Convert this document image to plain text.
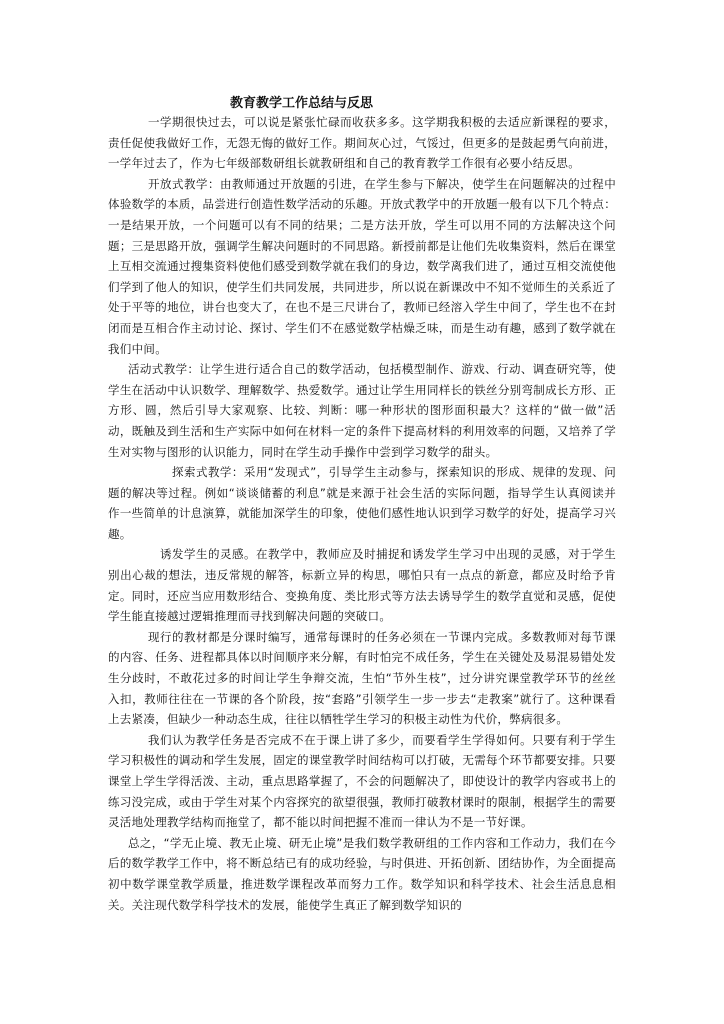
教育教学工作总结与反思

一学期很快过去，可以说是紧张忙碌而收获多多。这学期我积极的去适应新课程的要求，责任促使我做好工作，无怨无悔的做好工作。期间灰心过，气馁过，但更多的是鼓起勇气向前进，一学年过去了，作为七年级部数研组长就教研组和自己的教育教学工作很有必要小结反思。

开放式教学：由教师通过开放题的引进，在学生参与下解决，使学生在问题解决的过程中体验数学的本质，品尝进行创造性数学活动的乐趣。开放式教学中的开放题一般有以下几个特点：一是结果开放，一个问题可以有不同的结果；二是方法开放，学生可以用不同的方法解决这个问题；三是思路开放，强调学生解决问题时的不同思路。新授前都是让他们先收集资料，然后在课堂上互相交流通过搜集资料使他们感受到数学就在我们的身边，数学离我们进了，通过互相交流使他们学到了他人的知识，使学生们共同发展，共同进步，所以说在新课改中不知不觉师生的关系近了处于平等的地位，讲台也变大了，在也不是三尺讲台了，教师已经溶入学生中间了，学生也不在封闭而是互相合作主动讨论、探讨、学生们不在感觉数学枯燥乏味，而是生动有趣，感到了数学就在我们中间。

活动式教学：让学生进行适合自己的数学活动，包括模型制作、游戏、行动、调查研究等，使学生在活动中认识数学、理解数学、热爱数学。通过让学生用同样长的铁丝分别弯制成长方形、正方形、圆，然后引导大家观察、比较、判断：哪一种形状的图形面积最大？这样的“做一做”活动，既触及到生活和生产实际中如何在材料一定的条件下提高材料的利用效率的问题，又培养了学生对实物与图形的认识能力，同时在学生动手操作中尝到学习数学的甜头。

探索式教学：采用“发现式”，引导学生主动参与，探索知识的形成、规律的发现、问题的解决等过程。例如“谈谈储蓄的利息”就是来源于社会生活的实际问题，指导学生认真阅读并作一些简单的计息演算，就能加深学生的印象，使他们感性地认识到学习数学的好处，提高学习兴趣。

诱发学生的灵感。在教学中，教师应及时捕捉和诱发学生学习中出现的灵感，对于学生别出心裁的想法，违反常规的解答，标新立异的构思，哪怕只有一点点的新意，都应及时给予肯定。同时，还应当应用数形结合、变换角度、类比形式等方法去诱导学生的数学直觉和灵感，促使学生能直接越过逻辑推理而寻找到解决问题的突破口。

现行的教材都是分课时编写，通常每课时的任务必须在一节课内完成。多数教师对每节课的内容、任务、进程都具体以时间顺序来分解，有时怕完不成任务，学生在关键处及易混易错处发生分歧时，不敢花过多的时间让学生争辩交流，生怕“节外生枝”，过分讲究课堂教学环节的丝丝入扣，教师往往在一节课的各个阶段，按“套路”引领学生一步一步去“走教案”就行了。这种课看上去紧凑，但缺少一种动态生成，往往以牺牲学生学习的积极主动性为代价，弊病很多。

我们认为教学任务是否完成不在于课上讲了多少，而要看学生学得如何。只要有利于学生学习积极性的调动和学生发展，固定的课堂教学时间结构可以打破，无需每个环节都要安排。只要课堂上学生学得活泼、主动，重点思路掌握了，不会的问题解决了，即使设计的教学内容或书上的练习没完成，或由于学生对某个内容探究的欲望很强，教师打破教材课时的限制，根据学生的需要灵活地处理教学结构而拖堂了，都不能以时间把握不准而一律认为不是一节好课。

总之，“学无止境、教无止境、研无止境”是我们数学教研组的工作内容和工作动力，我们在今后的数学教学工作中，将不断总结已有的成功经验，与时俱进、开拓创新、团结协作，为全面提高初中数学课堂教学质量，推进数学课程改革而努力工作。数学知识和科学技术、社会生活息息相关。关注现代数学科学技术的发展，能使学生真正了解到数学知识的
